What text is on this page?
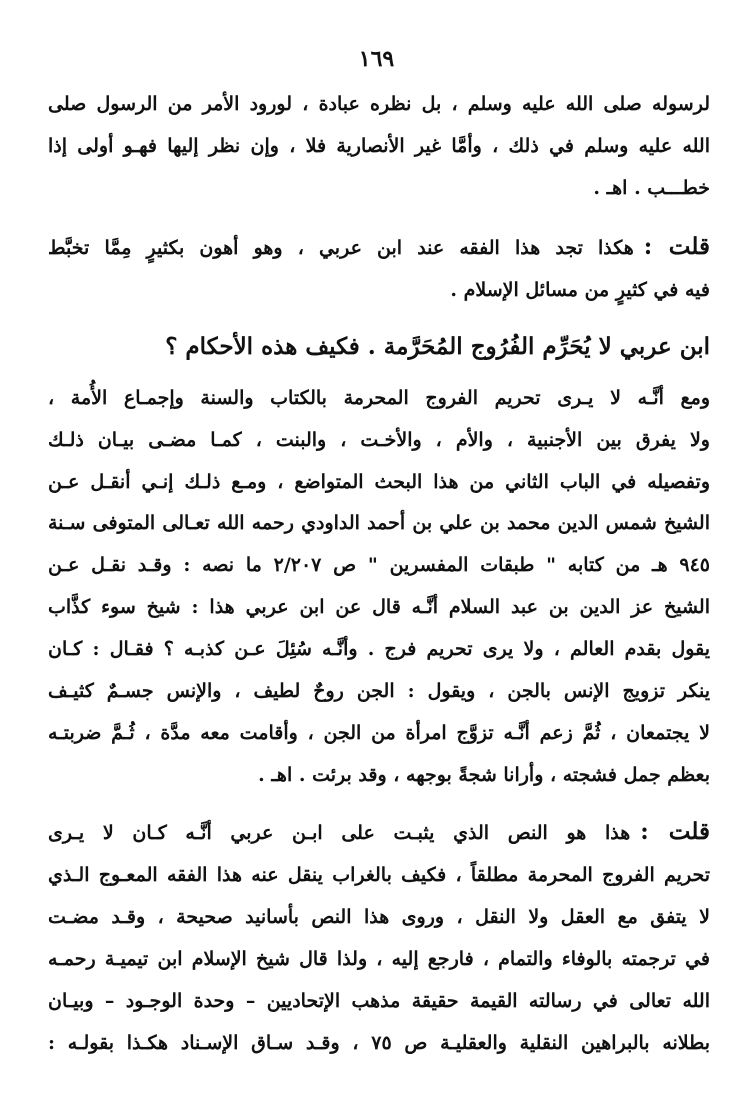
١٦٩
لرسوله صلى الله عليه وسلم ، بل نظره عبادة ، لورود الأمر من الرسول صلى
الله عليه وسلم في ذلك ، وأمَّا غير الأنصارية فلا ، وإن نظر إليها فهـو أولى إذا
خطـــب . اهـ .
قلت :هكذا تجد هذا الفقه عند ابن عربي ، وهو أهون بكثيرٍ مِمَّا تخبَّط
فيه في كثيرٍ من مسائل الإسلام .
ابن عربي لا يُحَرِّم الفُرُوج المُحَرَّمة . فكيف هذه الأحكام ؟
ومع أنَّـه لا يـرى تحريم الفروج المحرمة بالكتاب والسنة وإجمـاع الأُمة ،
ولا يفرق بين الأجنبية ، والأم ، والأخـت ، والبنت ، كمـا مضـى بيـان ذلـك
وتفصيله في الباب الثاني من هذا البحث المتواضع ، ومـع ذلـك إنـي أنقـل عـن
الشيخ شمس الدين محمد بن علي بن أحمد الداودي رحمه الله تعـالى المتوفى سـنة
٩٤٥ هـ من كتابه " طبقات المفسرين " ص ٢/٢٠٧ ما نصه : وقـد نقـل عـن
الشيخ عز الدين بن عبد السلام أنَّـه قال عن ابن عربي هذا : شيخ سوء كذَّاب
يقول بقدم العالم ، ولا يرى تحريم فرج . وأنَّـه سُئِلَ عـن كذبـه ؟ فقـال : كـان
ينكر تزويج الإنس بالجن ، ويقول : الجن روحٌ لطيف ، والإنس جسـمٌ كثيـف
لا يجتمعان ، ثُمَّ زعم أنَّـه تزوَّج امرأة من الجن ، وأقامت معه مدَّة ، ثُـمَّ ضربتـه
بعظم جمل فشجته ، وأرانا شجةً بوجهه ، وقد برئت . اهـ .
قلت :هذا هو النص الذي يثبـت على ابـن عربي أنَّـه كـان لا يـرى
تحريم الفروج المحرمة مطلقاً ، فكيف بالغراب ينقل عنه هذا الفقه المعـوج الـذي
لا يتفق مع العقل ولا النقل ، وروى هذا النص بأسانيد صحيحة ، وقـد مضـت
في ترجمته بالوفاء والتمام ، فارجع إليه ، ولذا قال شيخ الإسلام ابن تيميـة رحمـه
الله تعالى في رسالته القيمة حقيقة مذهب الإتحاديين – وحدة الوجـود – وبيـان
بطلانه بالبراهين النقلية والعقليـة ص ٧٥ ، وقـد سـاق الإسـناد هكـذا بقولـه :
